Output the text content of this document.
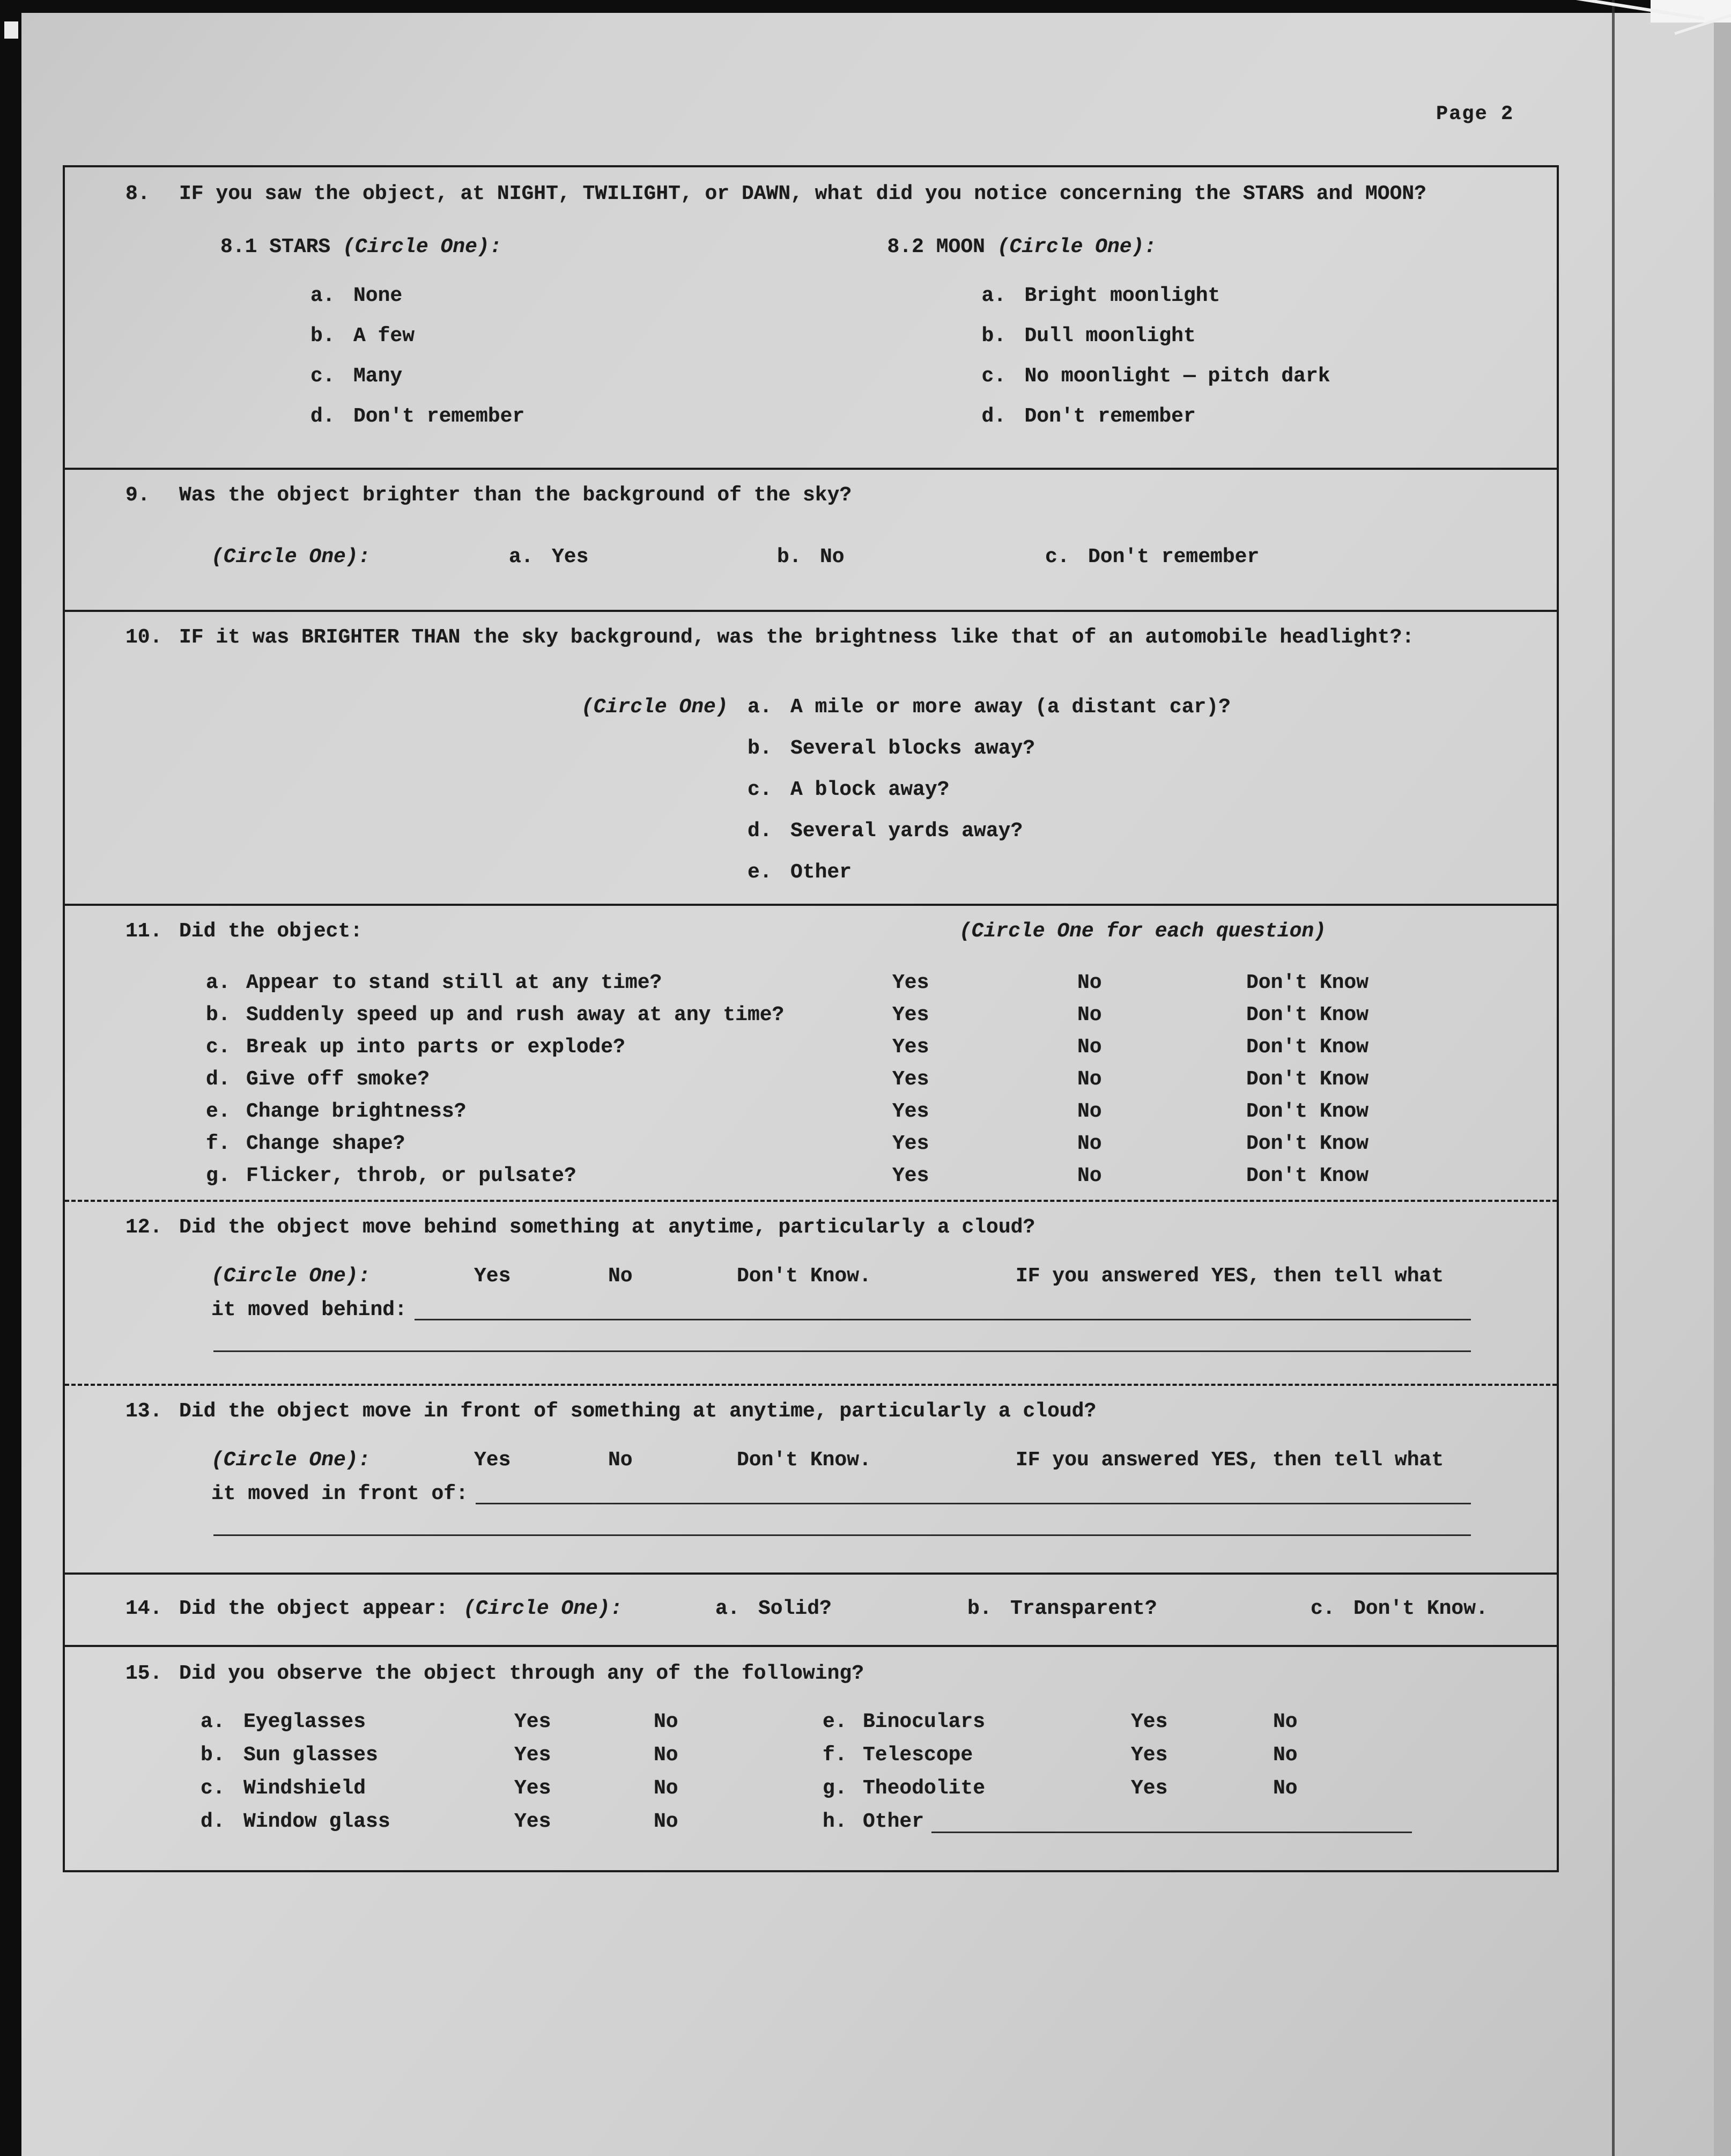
Page 2
8.	IF you saw the object, at NIGHT, TWILIGHT, or DAWN, what did you notice concerning the STARS and MOON?
8.1 STARS (Circle One):
a. None
b. A few
c. Many
d. Don't remember
8.2 MOON (Circle One):
a. Bright moonlight
b. Dull moonlight
c. No moonlight — pitch dark
d. Don't remember
9.	Was the object brighter than the background of the sky?
(Circle One):	a. Yes	b. No	c. Don't remember
10. IF it was BRIGHTER THAN the sky background, was the brightness like that of an automobile headlight?:
(Circle One) a. A mile or more away (a distant car)?
b. Several blocks away?
c. A block away?
d. Several yards away?
e. Other
11. Did the object:	(Circle One for each question)
a. Appear to stand still at any time?	Yes	No	Don't Know
b. Suddenly speed up and rush away at any time?	Yes	No	Don't Know
c. Break up into parts or explode?	Yes	No	Don't Know
d. Give off smoke?	Yes	No	Don't Know
e. Change brightness?	Yes	No	Don't Know
f. Change shape?	Yes	No	Don't Know
g. Flicker, throb, or pulsate?	Yes	No	Don't Know
12. Did the object move behind something at anytime, particularly a cloud?
(Circle One):	Yes	No	Don't Know.	IF you answered YES, then tell what
it moved behind:
13. Did the object move in front of something at anytime, particularly a cloud?
(Circle One):	Yes	No	Don't Know.	IF you answered YES, then tell what
it moved in front of:
14. Did the object appear: (Circle One):	a. Solid?	b. Transparent?	c. Don't Know.
15. Did you observe the object through any of the following?
a. Eyeglasses	Yes	No	e. Binoculars	Yes	No
b. Sun glasses	Yes	No	f. Telescope	Yes	No
c. Windshield	Yes	No	g. Theodolite	Yes	No
d. Window glass	Yes	No	h. Other
